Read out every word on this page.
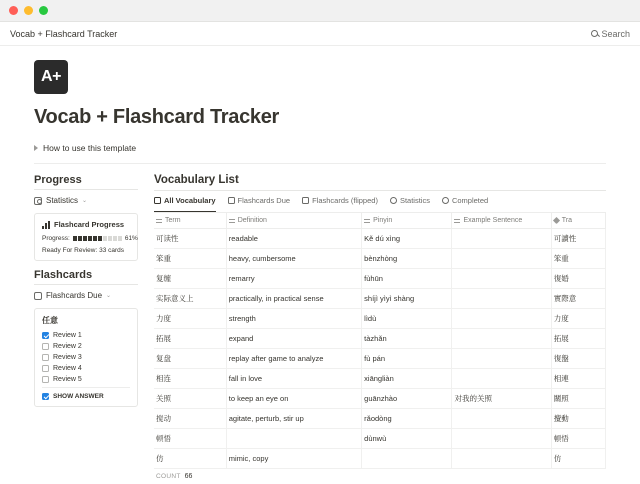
Vocab + Flashcard Tracker	Search
A+
Vocab + Flashcard Tracker
How to use this template
Progress
Statistics ⌄
Flashcard Progress
Progress:	61%
Ready For Review: 33 cards
Flashcards
Flashcards Due ⌄
任意
Review 1
Review 2
Review 3
Review 4
Review 5
SHOW ANSWER
Vocabulary List
All Vocabulary	Flashcards Due	Flashcards (flipped)	Statistics	Completed
Term	Definition	Pinyin	Example Sentence	Tra

可读性	readable	Kě dú xìng		可讀性
笨重	heavy, cumbersome	bènzhòng		笨重
复缠	remarry	fùhūn		復婚
实际意义上	practically, in practical sense	shíjì yìyì shàng		實際意
力度	strength	lìdù		力度
拓展	expand	tàzhǎn		拓展
复盘	replay after game to analyze	fù pán		復盤
相连	fall in love	xiāngliàn		相連
关照	to keep an eye on	guānzhào	对我的关照	關照
搅动	agitate, perturb, stir up	rǎodòng		攪動
顿悟		dùnwù		頓悟
仿	mimic, copy			仿
COUNT 66
